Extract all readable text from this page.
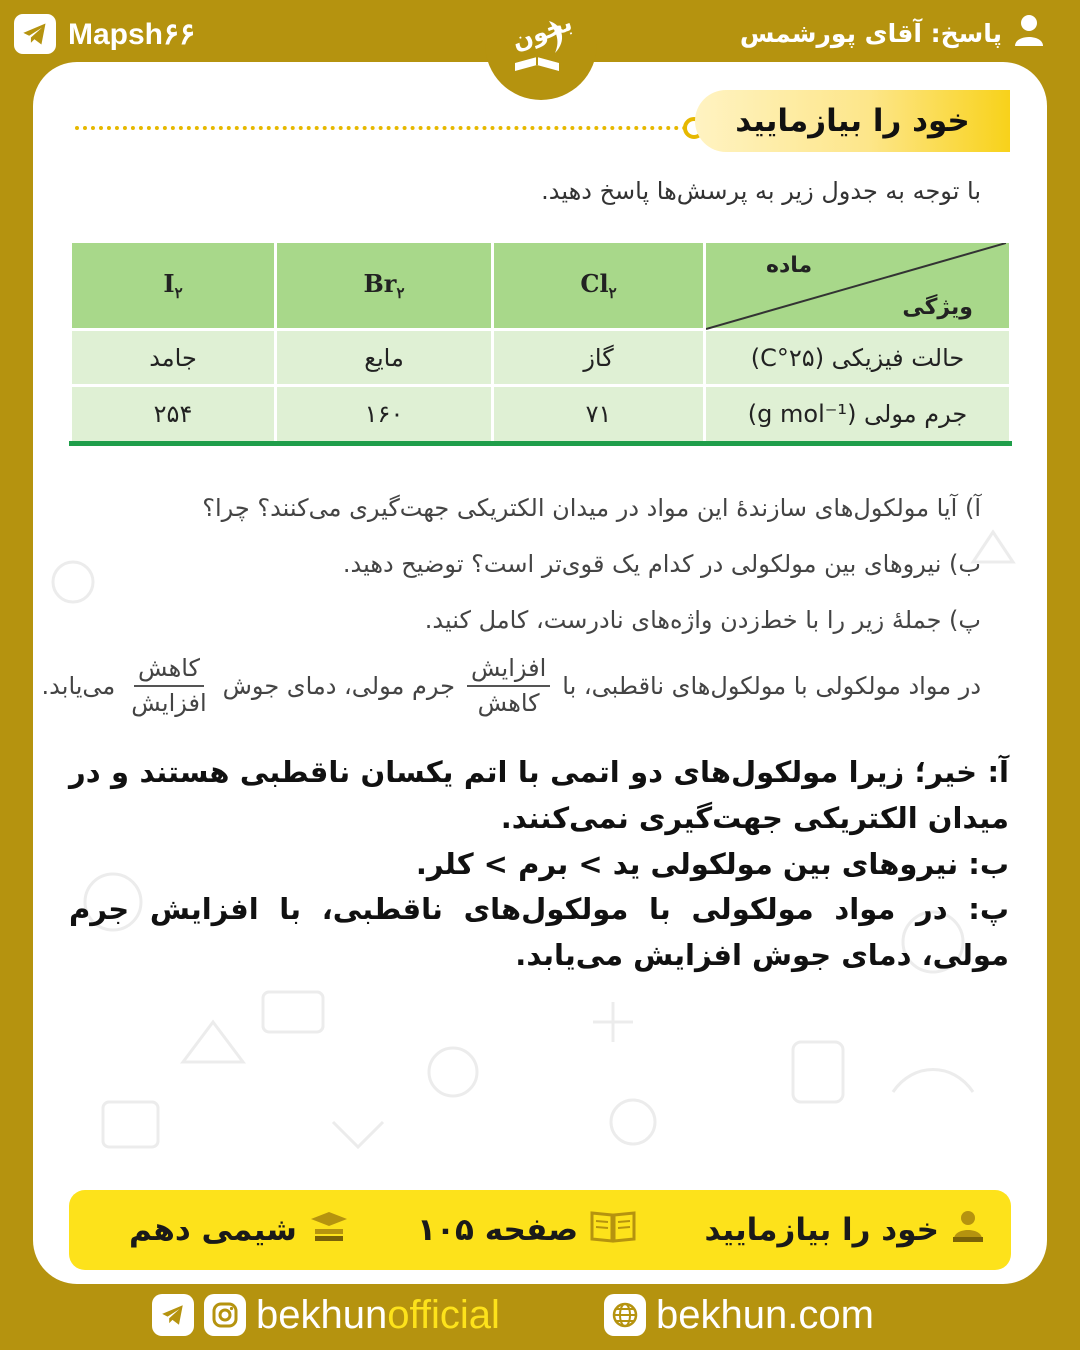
Mapsh۶۶	پاسخ: آقای پورشمس
بخون
خود را بیازمایید
با توجه به جدول زیر به پرسش‌ها پاسخ دهید.
$I_۲$	$Br_۲$	$Cl_۲$	ماده
ویژگی

جامد	مایع	گاز	حالت فیزیکی (۲۵°C)
۲۵۴	۱۶۰	۷۱	جرم مولی (g mol⁻¹)
آ) آیا مولکول‌های سازندۀ این مواد در میدان الکتریکی جهت‌گیری می‌کنند؟ چرا؟
ب) نیروهای بین مولکولی در کدام یک قوی‌تر است؟ توضیح دهید.
پ) جملهٔ زیر را با خط‌زدن واژه‌های نادرست، کامل کنید.
در مواد مولکولی با مولکول‌های ناقطبی، با
$\frac{\text{افزایش}}{\text{کاهش}}$
جرم مولی، دمای جوش
$\frac{\text{کاهش}}{\text{افزایش}}$
می‌یابد.

آ: خیر؛ زیرا مولکول‌های دو اتمی با اتم یکسان ناقطبی هستند و در میدان الکتریکی جهت‌گیری نمی‌کنند.

ب: نیروهای بین مولکولی ید > برم > کلر.

پ: در مواد مولکولی با مولکول‌های ناقطبی، با افزایش جرم مولی، دمای جوش افزایش می‌یابد.

خود را بیازمایید
صفحه ۱۰۵
شیمی دهم
bekhunofficial	bekhun.com
